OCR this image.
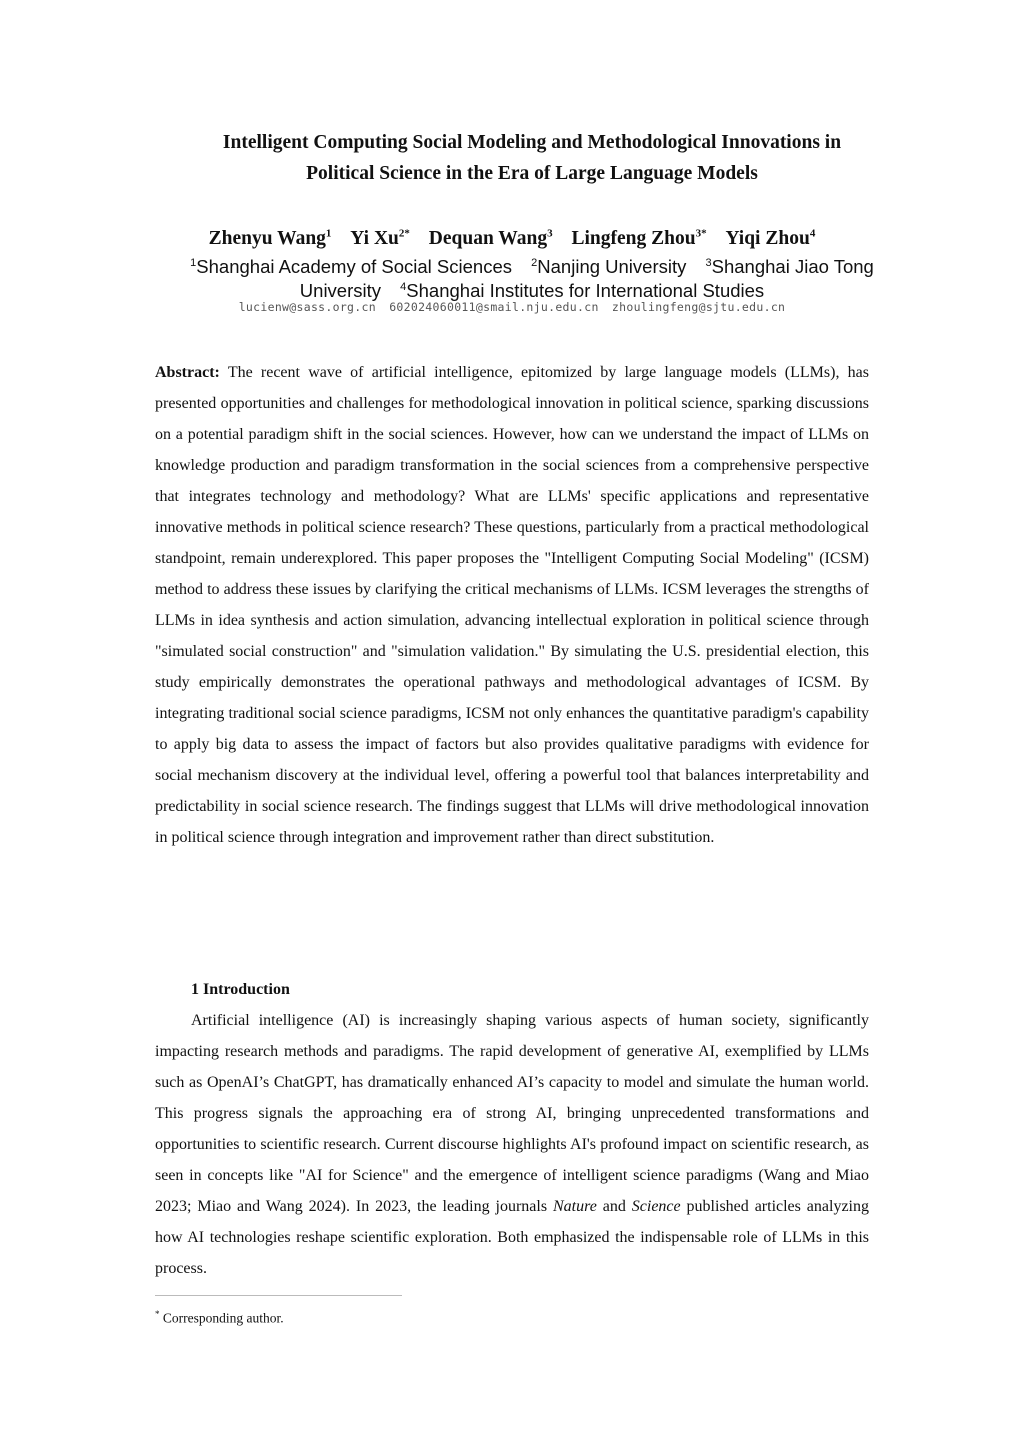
Intelligent Computing Social Modeling and Methodological Innovations in
Political Science in the Era of Large Language Models
Zhenyu Wang$^1$ Yi $Xu^{2*}$ Dequan Wang$^3$ Lingfeng Zhou$^{3*}$ Yiqi Zhou$^4$
$^1$Shanghai Academy of Social Sciences $^2$Nanjing University $^3$Shanghai Jiao Tong University $^4$Shanghai Institutes for International Studies
lucienw@sass.org.cn 602024060011@smail.nju.edu.cn zhoulingfeng@sjtu.edu.cn

Abstract: The recent wave of artificial intelligence, epitomized by large language models (LLMs), has presented opportunities and challenges for methodological innovation in political science, sparking discussions on a potential paradigm shift in the social sciences. However, how can we understand the impact of LLMs on knowledge production and paradigm transformation in the social sciences from a comprehensive perspective that integrates technology and methodology? What are LLMs' specific applications and representative innovative methods in political science research? These questions, particularly from a practical methodological standpoint, remain underexplored. This paper proposes the "Intelligent Computing Social Modeling" (ICSM) method to address these issues by clarifying the critical mechanisms of LLMs. ICSM leverages the strengths of LLMs in idea synthesis and action simulation, advancing intellectual exploration in political science through "simulated social construction" and "simulation validation." By simulating the U.S. presidential election, this study empirically demonstrates the operational pathways and methodological advantages of ICSM. By integrating traditional social science paradigms, ICSM not only enhances the quantitative paradigm's capability to apply big data to assess the impact of factors but also provides qualitative paradigms with evidence for social mechanism discovery at the individual level, offering a powerful tool that balances interpretability and predictability in social science research. The findings suggest that LLMs will drive methodological innovation in political science through integration and improvement rather than direct substitution.

1 Introduction

Artificial intelligence (AI) is increasingly shaping various aspects of human society, significantly impacting research methods and paradigms. The rapid development of generative AI, exemplified by LLMs such as OpenAI’s ChatGPT, has dramatically enhanced AI’s capacity to model and simulate the human world. This progress signals the approaching era of strong AI, bringing unprecedented transformations and opportunities to scientific research. Current discourse highlights AI's profound impact on scientific research, as seen in concepts like "AI for Science" and the emergence of intelligent science paradigms (Wang and Miao 2023; Miao and Wang 2024). In 2023, the leading journals Nature and Science published articles analyzing how AI technologies reshape scientific exploration. Both emphasized the indispensable role of LLMs in this process.

* Corresponding author.
